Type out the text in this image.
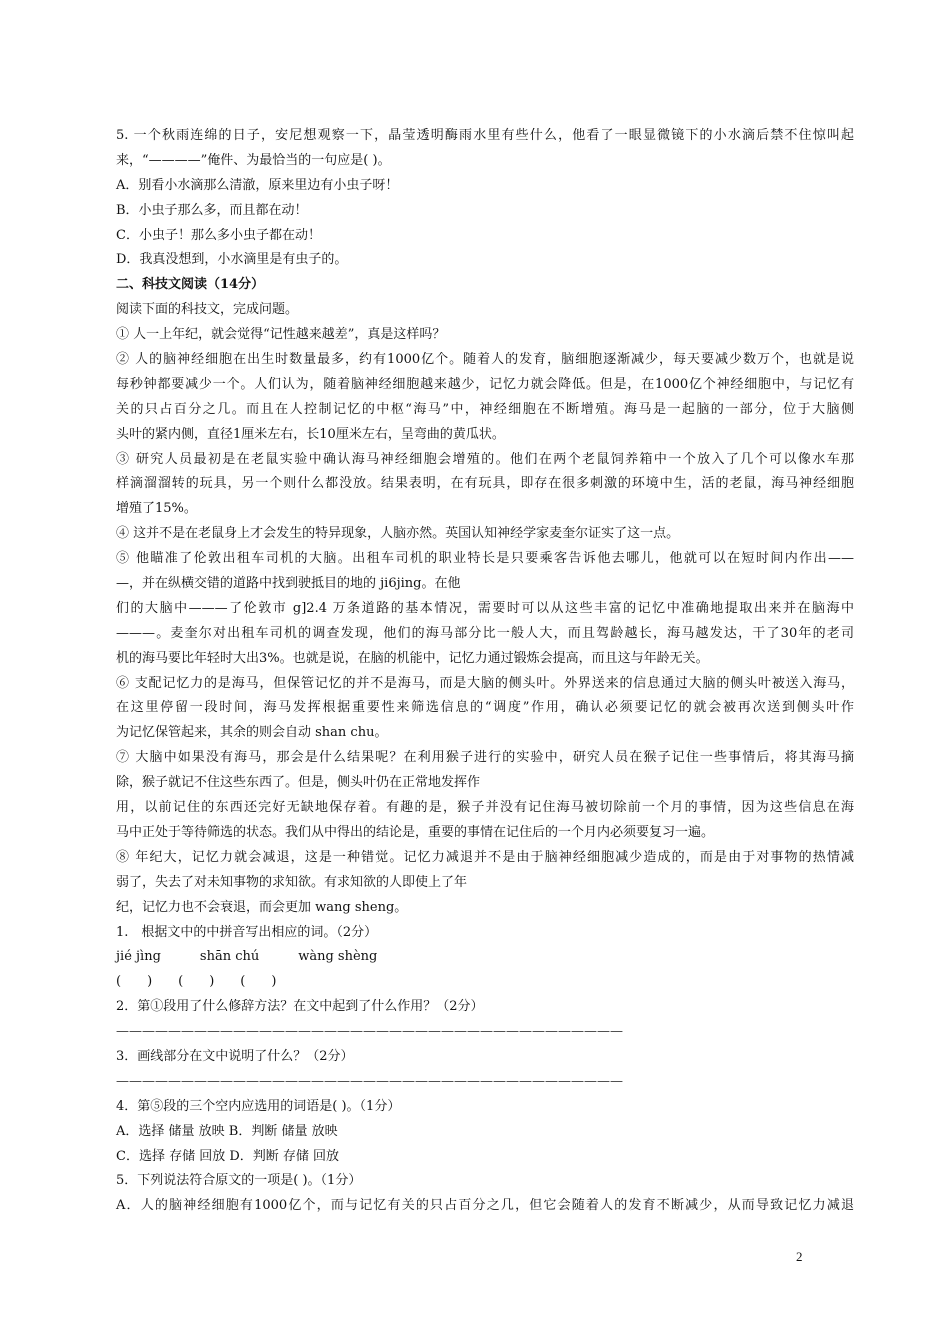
5. 一个秋雨连绵的日子，安尼想观察一下，晶莹透明酶雨水里有些什么，他看了一眼显微镜下的小水滴后禁不住惊叫起
来，“————”俺件、为最恰当的一句应是( )。
A．别看小水滴那么清澈，原来里边有小虫子呀！
B．小虫子那么多，而且都在动！
C．小虫子！那么多小虫子都在动！
D．我真没想到，小水滴里是有虫子的。
二、科技文阅读（14分）
阅读下面的科技文，完成问题。
① 人一上年纪，就会觉得“记性越来越差”，真是这样吗？
② 人的脑神经细胞在出生时数量最多，约有1000亿个。随着人的发育，脑细胞逐渐减少，每天要减少数万个，也就是说
每秒钟都要减少一个。人们认为，随着脑神经细胞越来越少，记忆力就会降低。但是，在1000亿个神经细胞中，与记忆有
关的只占百分之几。而且在人控制记忆的中枢“海马”中，神经细胞在不断增殖。海马是一起脑的一部分，位于大脑侧
头叶的紧内侧，直径1厘米左右，长10厘米左右，呈弯曲的黄瓜状。
③ 研究人员最初是在老鼠实验中确认海马神经细胞会增殖的。他们在两个老鼠饲养箱中一个放入了几个可以像水车那
样滴溜溜转的玩具，另一个则什么都没放。结果表明，在有玩具，即存在很多刺激的环境中生，活的老鼠，海马神经细胞
增殖了15%。
④ 这并不是在老鼠身上才会发生的特异现象，人脑亦然。英国认知神经学家麦奎尔证实了这一点。
⑤ 他瞄准了伦敦出租车司机的大脑。出租车司机的职业特长是只要乘客告诉他去哪儿，他就可以在短时间内作出——
—，并在纵横交错的道路中找到驶抵目的地的 ji6jing。在他
们的大脑中———了伦敦市 g]2.4 万条道路的基本情况，需要时可以从这些丰富的记忆中准确地提取出来并在脑海中
———。麦奎尔对出租车司机的调查发现，他们的海马部分比一般人大，而且驾龄越长，海马越发达，干了30年的老司
机的海马要比年轻时大出3%。也就是说，在脑的机能中，记忆力通过锻炼会提高，而且这与年龄无关。
⑥ 支配记忆力的是海马，但保管记忆的并不是海马，而是大脑的侧头叶。外界送来的信息通过大脑的侧头叶被送入海马，
在这里停留一段时间，海马发挥根据重要性来筛选信息的“调度”作用，确认必须要记忆的就会被再次送到侧头叶作
为记忆保管起来，其余的则会自动 shan chu。
⑦ 大脑中如果没有海马，那会是什么结果呢？在利用猴子进行的实验中，研究人员在猴子记住一些事情后，将其海马摘
除，猴子就记不住这些东西了。但是，侧头叶仍在正常地发挥作
用，以前记住的东西还完好无缺地保存着。有趣的是，猴子并没有记住海马被切除前一个月的事情，因为这些信息在海
马中正处于等待筛选的状态。我们从中得出的结论是，重要的事情在记住后的一个月内必须要复习一遍。
⑧ 年纪大，记忆力就会减退，这是一种错觉。记忆力减退并不是由于脑神经细胞减少造成的，而是由于对事物的热情减
弱了，失去了对未知事物的求知欲。有求知欲的人即使上了年
纪，记忆力也不会衰退，而会更加 wang sheng。
1.　根据文中的中拼音写出相应的词。（2分）
jié jìng　　　shān chú　　　wàng shèng
(　　)　　(　　)　　(　　)
2．第①段用了什么修辞方法？在文中起到了什么作用？（2分）
———————————————————————————————————————
3．画线部分在文中说明了什么？（2分）
———————————————————————————————————————
4．第⑤段的三个空内应选用的词语是( )。（1分）
A．选择 储量 放映 B．判断 储量 放映
C．选择 存储 回放 D．判断 存储 回放
5．下列说法符合原文的一项是( )。（1分）
A．人的脑神经细胞有1000亿个，而与记忆有关的只占百分之几，但它会随着人的发育不断减少，从而导致记忆力减退
2
